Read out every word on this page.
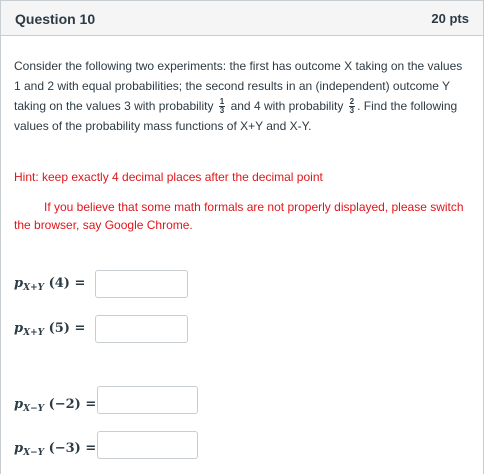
Question 10	20 pts
Consider the following two experiments: the first has outcome X taking on the values 1 and 2 with equal probabilities; the second results in an (independent) outcome Y taking on the values 3 with probability $\frac{1}{3}$ and 4 with probability $\frac{2}{3}$ . Find the following values of the probability mass functions of X+Y and X-Y.
Hint: keep exactly 4 decimal places after the decimal point
If you believe that some math formals are not properly displayed, please switch the browser, say Google Chrome.
$p_{X+Y}$ (4) =
$p_{X+Y}$ (5) =
$p_{X-Y}$ (−2) =
$p_{X-Y}$ (−3) =
